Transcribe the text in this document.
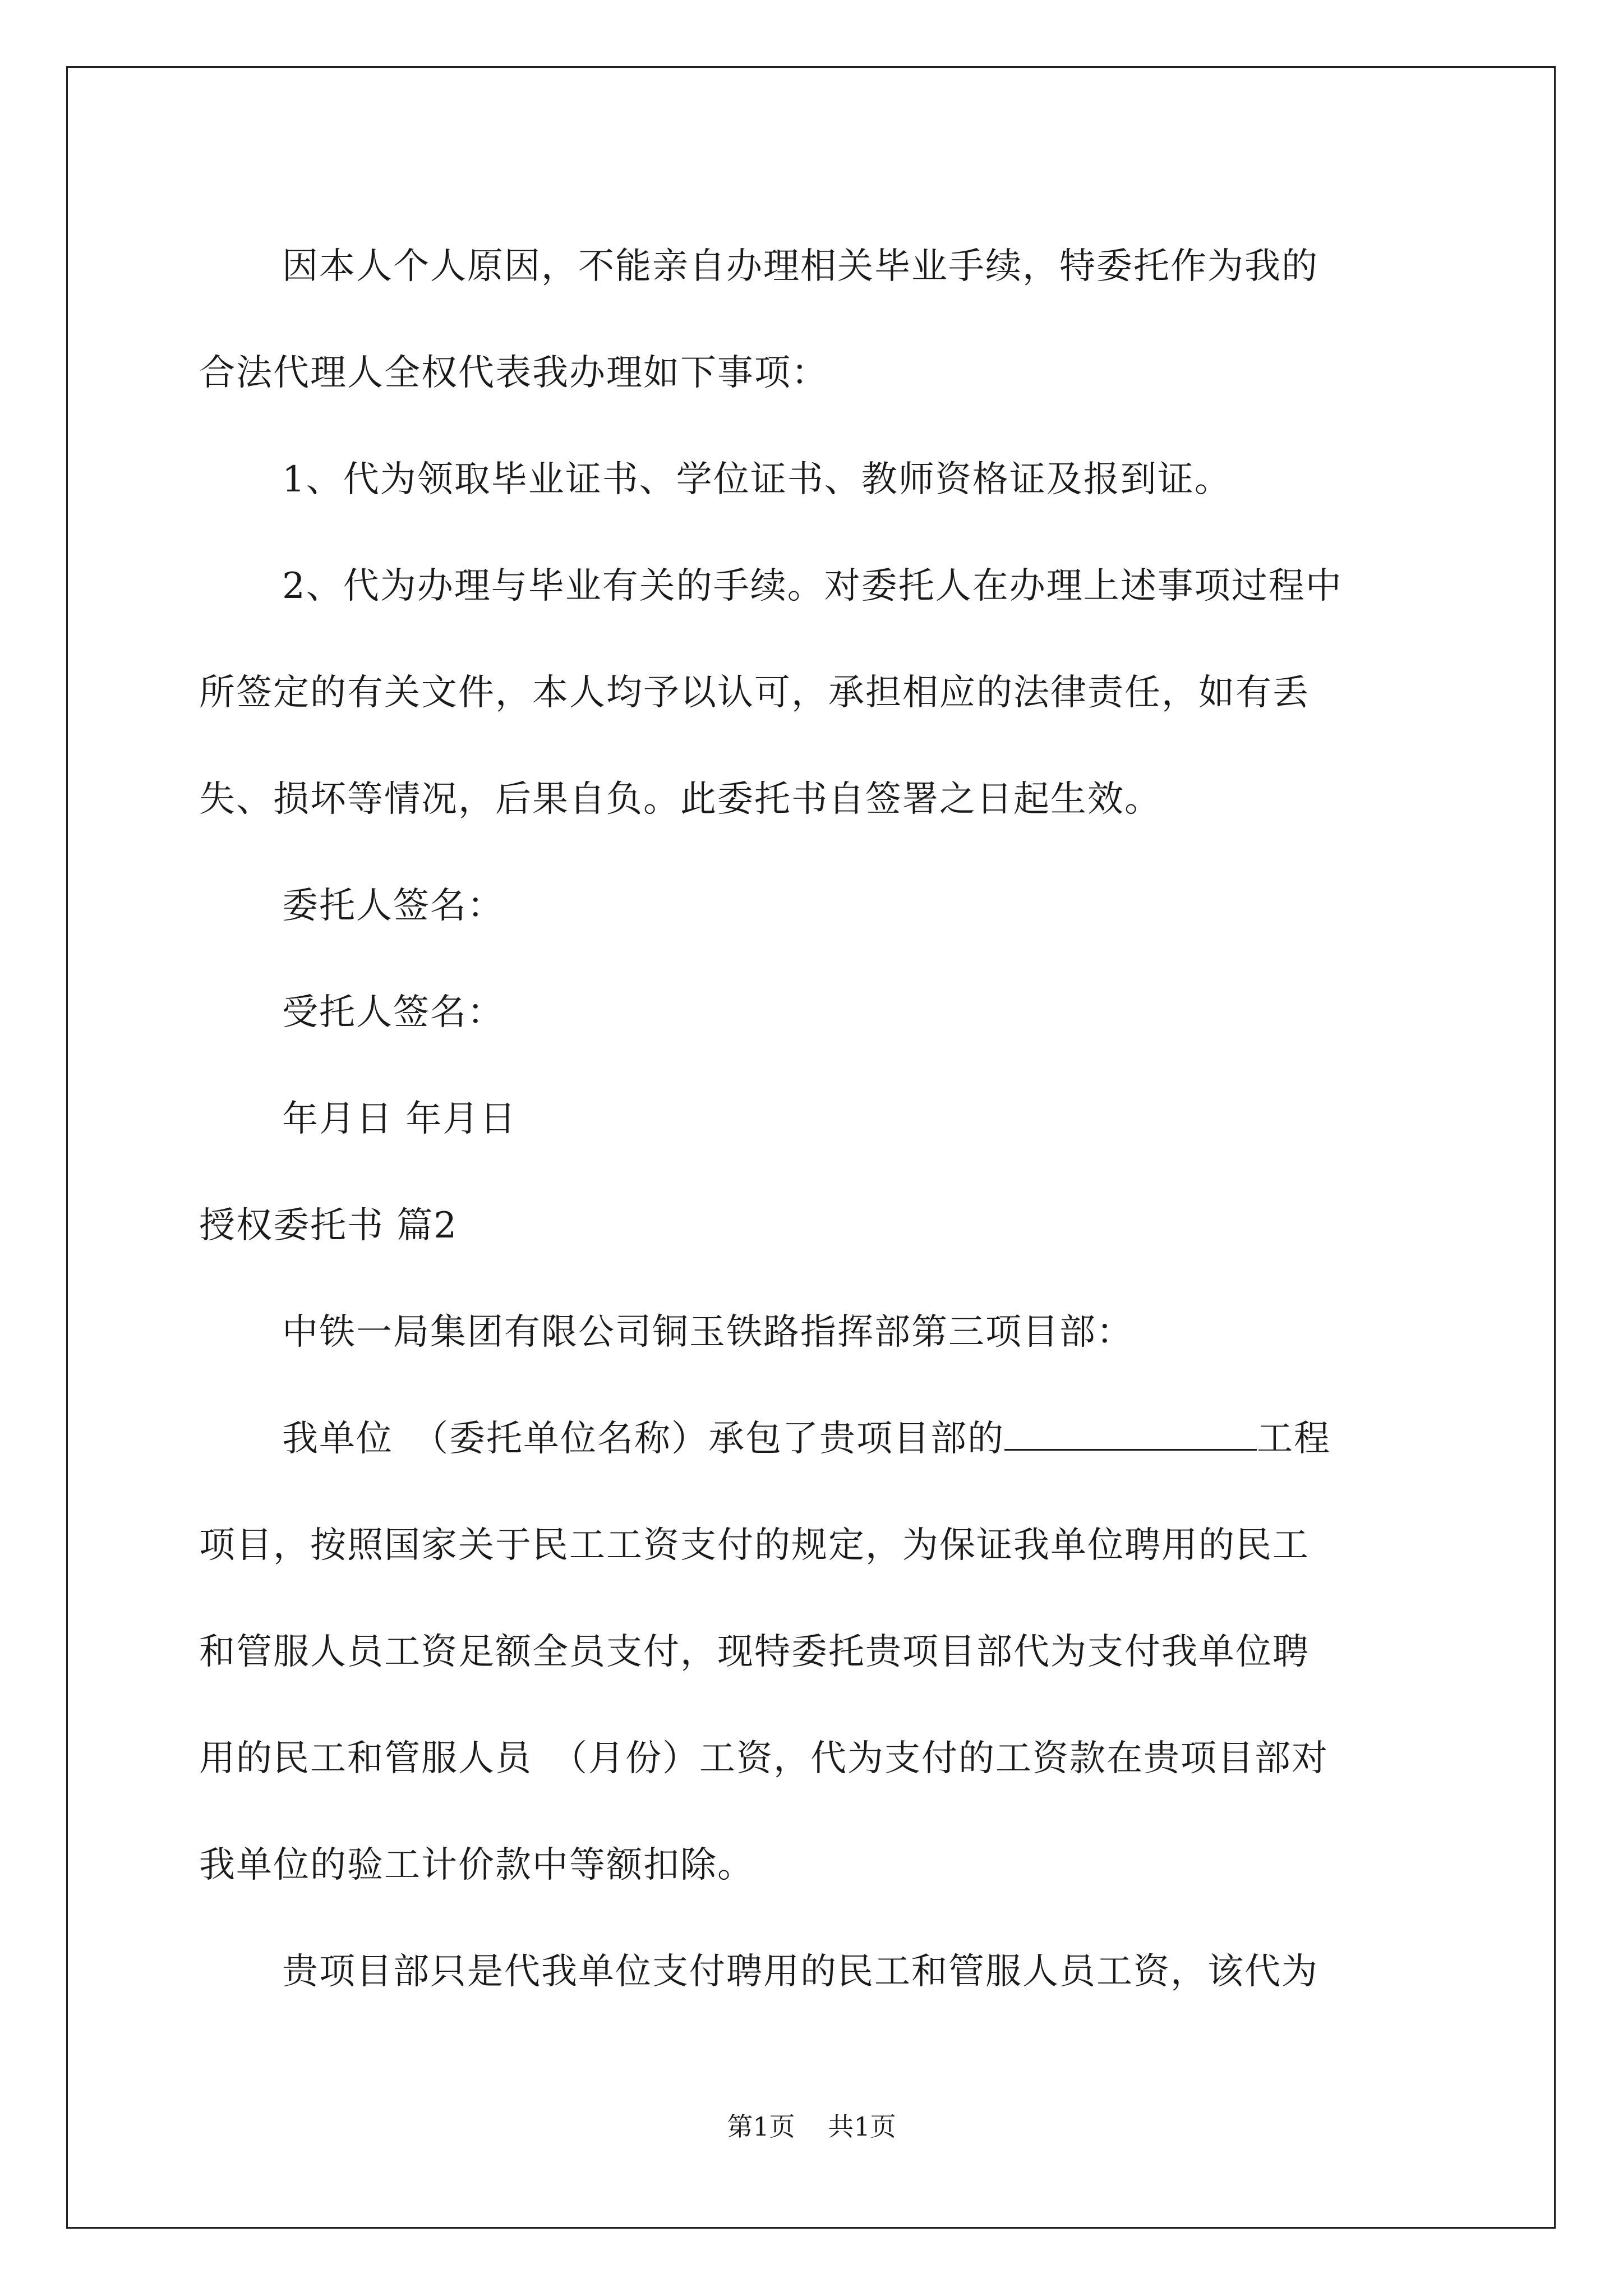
因本人个人原因，不能亲自办理相关毕业手续，特委托作为我的

合法代理人全权代表我办理如下事项：

1、代为领取毕业证书、学位证书、教师资格证及报到证。

2、代为办理与毕业有关的手续。对委托人在办理上述事项过程中

所签定的有关文件，本人均予以认可，承担相应的法律责任，如有丢

失、损坏等情况，后果自负。此委托书自签署之日起生效。

委托人签名：

受托人签名：

年月日 年月日

授权委托书 篇2

中铁一局集团有限公司铜玉铁路指挥部第三项目部：

我单位　（委托单位名称）承包了贵项目部的	工程

项目，按照国家关于民工工资支付的规定，为保证我单位聘用的民工

和管服人员工资足额全员支付，现特委托贵项目部代为支付我单位聘

用的民工和管服人员　（月份）工资，代为支付的工资款在贵项目部对

我单位的验工计价款中等额扣除。

贵项目部只是代我单位支付聘用的民工和管服人员工资，该代为

第1页 共1页
